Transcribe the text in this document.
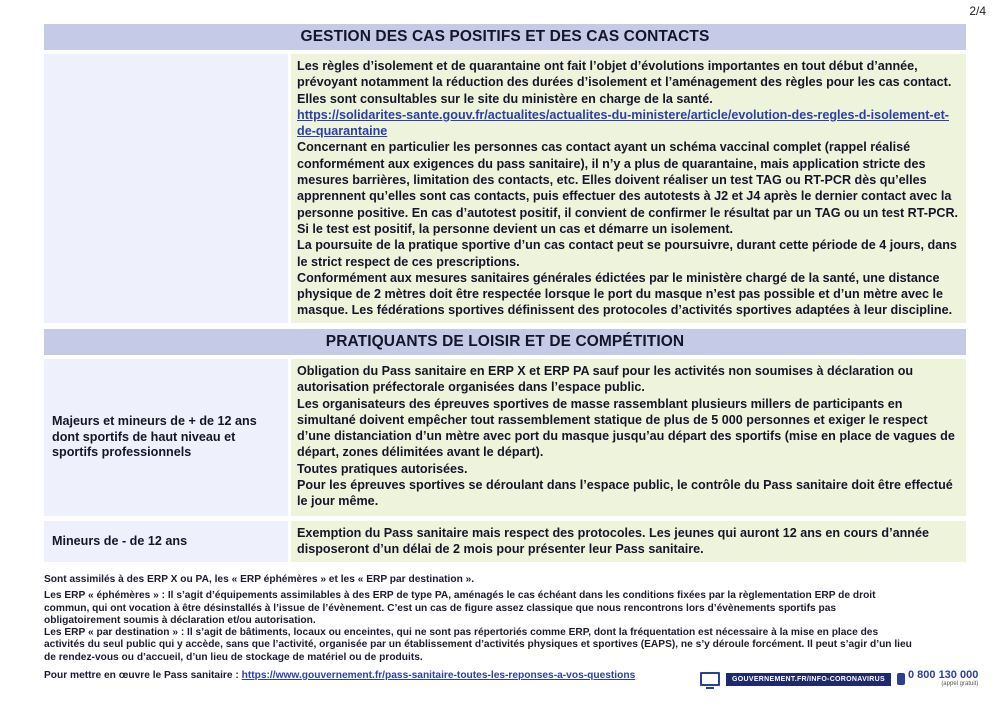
2/4
GESTION DES CAS POSITIFS ET DES CAS CONTACTS

Les règles d’isolement et de quarantaine ont fait l’objet d’évolutions importantes en tout début d’année, prévoyant notamment la réduction des durées d’isolement et l’aménagement des règles pour les cas contact. Elles sont consultables sur le site du ministère en charge de la santé.

https://solidarites-sante.gouv.fr/actualites/actualites-du-ministere/article/evolution-des-regles-d-isolement-et-de-quarantaine

Concernant en particulier les personnes cas contact ayant un schéma vaccinal complet (rappel réalisé conformément aux exigences du pass sanitaire), il n’y a plus de quarantaine, mais application stricte des mesures barrières, limitation des contacts, etc. Elles doivent réaliser un test TAG ou RT-PCR dès qu’elles apprennent qu’elles sont cas contacts, puis effectuer des autotests à J2 et J4 après le dernier contact avec la personne positive. En cas d’autotest positif, il convient de confirmer le résultat par un TAG ou un test RT-PCR. Si le test est positif, la personne devient un cas et démarre un isolement.

La poursuite de la pratique sportive d’un cas contact peut se poursuivre, durant cette période de 4 jours, dans le strict respect de ces prescriptions.

Conformément aux mesures sanitaires générales édictées par le ministère chargé de la santé, une distance physique de 2 mètres doit être respectée lorsque le port du masque n’est pas possible et d’un mètre avec le masque. Les fédérations sportives définissent des protocoles d’activités sportives adaptées à leur discipline.

PRATIQUANTS DE LOISIR ET DE COMPÉTITION
Majeurs et mineurs de + de 12 ans dont sportifs de haut niveau et sportifs professionnels

Obligation du Pass sanitaire en ERP X et ERP PA sauf pour les activités non soumises à déclaration ou autorisation préfectorale organisées dans l’espace public.

Les organisateurs des épreuves sportives de masse rassemblant plusieurs millers de participants en simultané doivent empêcher tout rassemblement statique de plus de 5 000 personnes et exiger le respect d’une distanciation d’un mètre avec port du masque jusqu’au départ des sportifs (mise en place de vagues de départ, zones délimitées avant le départ).

Toutes pratiques autorisées.

Pour les épreuves sportives se déroulant dans l’espace public, le contrôle du Pass sanitaire doit être effectué le jour même.

Mineurs de - de 12 ans

Exemption du Pass sanitaire mais respect des protocoles. Les jeunes qui auront 12 ans en cours d’année disposeront d’un délai de 2 mois pour présenter leur Pass sanitaire.

Sont assimilés à des ERP X ou PA, les « ERP éphémères » et les « ERP par destination ».

Les ERP « éphémères » : Il s’agit d’équipements assimilables à des ERP de type PA, aménagés le cas échéant dans les conditions fixées par la règlementation ERP de droit commun, qui ont vocation à être désinstallés à l’issue de l’évènement. C’est un cas de figure assez classique que nous rencontrons lors d’évènements sportifs pas obligatoirement soumis à déclaration et/ou autorisation.

Les ERP « par destination » : Il s’agit de bâtiments, locaux ou enceintes, qui ne sont pas répertoriés comme ERP, dont la fréquentation est nécessaire à la mise en place des activités du seul public qui y accède, sans que l’activité, organisée par un établissement d’activités physiques et sportives (EAPS), ne s’y déroule forcément. Il peut s’agir d’un lieu de rendez-vous ou d’accueil, d’un lieu de stockage de matériel ou de produits.

Pour mettre en œuvre le Pass sanitaire : https://www.gouvernement.fr/pass-sanitaire-toutes-les-reponses-a-vos-questions	GOUVERNEMENT.FR/INFO-CORONAVIRUS	0 800 130 000
(appel gratuit)
